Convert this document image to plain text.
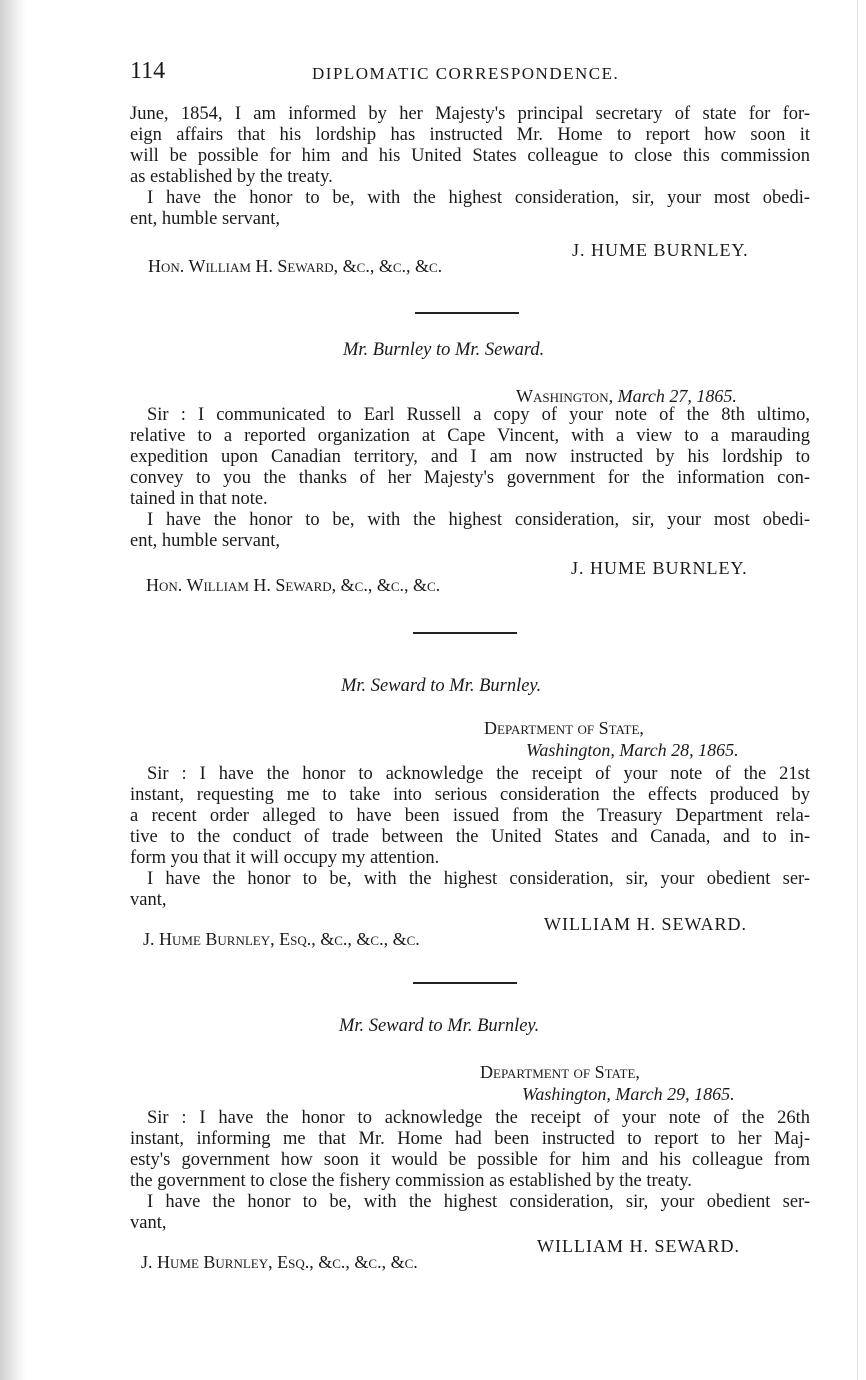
114	DIPLOMATIC CORRESPONDENCE.
June, 1854, I am informed by her Majesty's principal secretary of state for for-
eign affairs that his lordship has instructed Mr. Home to report how soon it
will be possible for him and his United States colleague to close this commission
as established by the treaty.
I have the honor to be, with the highest consideration, sir, your most obedi-
ent, humble servant,
J. HUME BURNLEY.
Hon. William H. Seward, &c., &c., &c.
Mr. Burnley to Mr. Seward.
Washington, March 27, 1865.
Sir : I communicated to Earl Russell a copy of your note of the 8th ultimo,
relative to a reported organization at Cape Vincent, with a view to a marauding
expedition upon Canadian territory, and I am now instructed by his lordship to
convey to you the thanks of her Majesty's government for the information con-
tained in that note.
I have the honor to be, with the highest consideration, sir, your most obedi-
ent, humble servant,
J. HUME BURNLEY.
Hon. William H. Seward, &c., &c., &c.
Mr. Seward to Mr. Burnley.
Department of State,
Washington, March 28, 1865.
Sir : I have the honor to acknowledge the receipt of your note of the 21st
instant, requesting me to take into serious consideration the effects produced by
a recent order alleged to have been issued from the Treasury Department rela-
tive to the conduct of trade between the United States and Canada, and to in-
form you that it will occupy my attention.
I have the honor to be, with the highest consideration, sir, your obedient ser-
vant,
WILLIAM H. SEWARD.
J. Hume Burnley, Esq., &c., &c., &c.
Mr. Seward to Mr. Burnley.
Department of State,
Washington, March 29, 1865.
Sir : I have the honor to acknowledge the receipt of your note of the 26th
instant, informing me that Mr. Home had been instructed to report to her Maj-
esty's government how soon it would be possible for him and his colleague from
the government to close the fishery commission as established by the treaty.
I have the honor to be, with the highest consideration, sir, your obedient ser-
vant,
WILLIAM H. SEWARD.
J. Hume Burnley, Esq., &c., &c., &c.
